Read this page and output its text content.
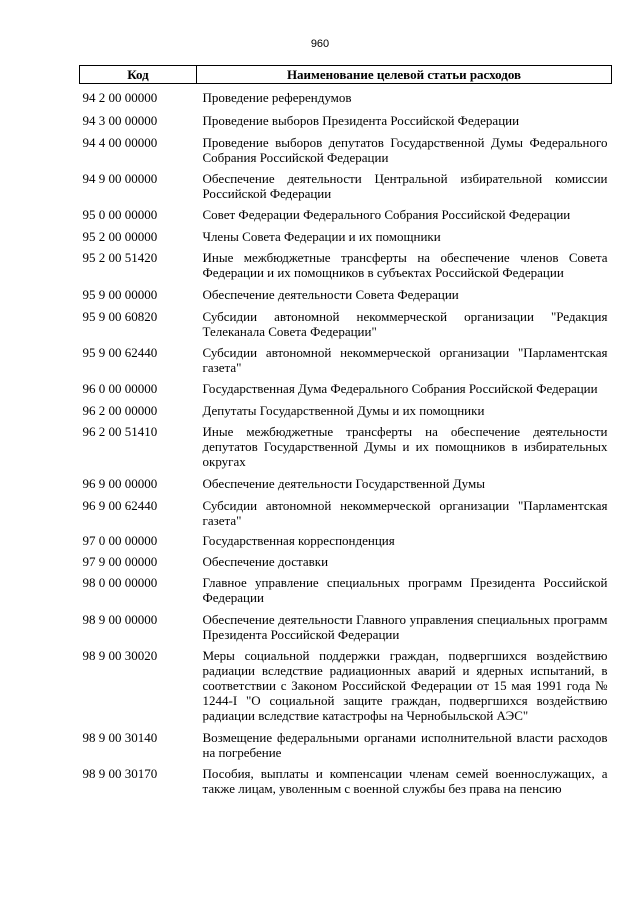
960
Код	Наименование целевой статьи расходов
94 2 00 00000	Проведение референдумов
94 3 00 00000	Проведение выборов Президента Российской Федерации
94 4 00 00000	Проведение выборов депутатов Государственной Думы Федерального Собрания Российской Федерации
94 9 00 00000	Обеспечение деятельности Центральной избирательной комиссии Российской Федерации
95 0 00 00000	Совет Федерации Федерального Собрания Российской Федерации
95 2 00 00000	Члены Совета Федерации и их помощники
95 2 00 51420	Иные межбюджетные трансферты на обеспечение членов Совета Федерации и их помощников в субъектах Российской Федерации
95 9 00 00000	Обеспечение деятельности Совета Федерации
95 9 00 60820	Субсидии автономной некоммерческой организации "Редакция Телеканала Совета Федерации"
95 9 00 62440	Субсидии автономной некоммерческой организации "Парламентская газета"
96 0 00 00000	Государственная Дума Федерального Собрания Российской Федерации
96 2 00 00000	Депутаты Государственной Думы и их помощники
96 2 00 51410	Иные межбюджетные трансферты на обеспечение деятельности депутатов Государственной Думы и их помощников в избирательных округах
96 9 00 00000	Обеспечение деятельности Государственной Думы
96 9 00 62440	Субсидии автономной некоммерческой организации "Парламентская газета"
97 0 00 00000	Государственная корреспонденция
97 9 00 00000	Обеспечение доставки
98 0 00 00000	Главное управление специальных программ Президента Российской Федерации
98 9 00 00000	Обеспечение деятельности Главного управления специальных программ Президента Российской Федерации
98 9 00 30020	Меры социальной поддержки граждан, подвергшихся воздействию радиации вследствие радиационных аварий и ядерных испытаний, в соответствии с Законом Российской Федерации от 15 мая 1991 года № 1244-I "О социальной защите граждан, подвергшихся воздействию радиации вследствие катастрофы на Чернобыльской АЭС"
98 9 00 30140	Возмещение федеральными органами исполнительной власти расходов на погребение
98 9 00 30170	Пособия, выплаты и компенсации членам семей военнослужащих, а также лицам, уволенным с военной службы без права на пенсию
